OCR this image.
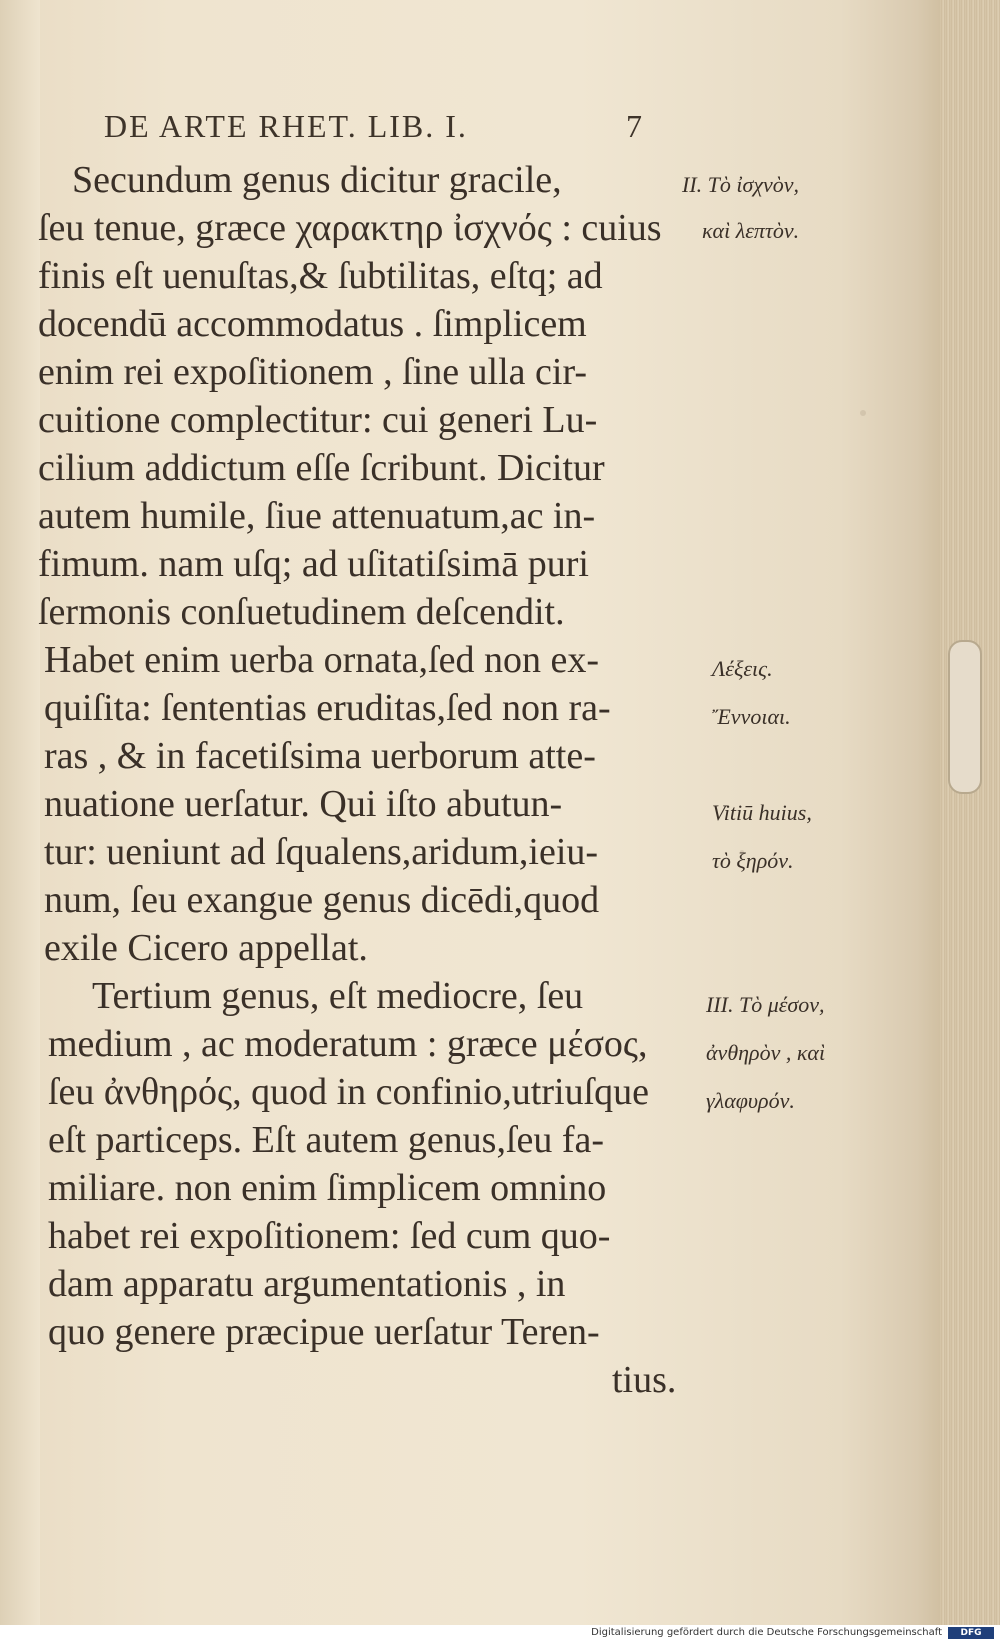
DE ARTE RHET. LIB. I.	7
Secundum genus dicitur gracile,
ſeu tenue, græce χαρακτηρ ἰσχνός : cuius
finis eſt uenuſtas,& ſubtilitas, eſtq; ad
docendū accommodatus . ſimplicem
enim rei expoſitionem , ſine ulla cir-
cuitione complectitur: cui generi Lu-
cilium addictum eſſe ſcribunt. Dicitur
autem humile, ſiue attenuatum,ac in-
fimum. nam uſq; ad uſitatiſsimā puri
ſermonis conſuetudinem deſcendit.
Habet enim uerba ornata,ſed non ex-
quiſita: ſententias eruditas,ſed non ra-
ras , & in facetiſsima uerborum atte-
nuatione uerſatur. Qui iſto abutun-
tur: ueniunt ad ſqualens,aridum,ieiu-
num, ſeu exangue genus dicēdi,quod
exile Cicero appellat.
Tertium genus, eſt mediocre, ſeu
medium , ac moderatum : græce μέσος,
ſeu ἀνθηρός, quod in confinio,utriuſque
eſt particeps. Eſt autem genus,ſeu fa-
miliare. non enim ſimplicem omnino
habet rei expoſitionem: ſed cum quo-
dam apparatu argumentationis , in
quo genere præcipue uerſatur Teren-
tius.
II. Τὸ ἰσχνὸν,
καὶ λεπτὸν.
Λέξεις.
Ἔννοιαι.
Vitiū huius,
τὸ ξηρόν.
III. Τὸ μέσον,
ἀνθηρὸν , καὶ
γλαφυρόν.
Digitalisierung gefördert durch die Deutsche Forschungsgemeinschaft	DFG
